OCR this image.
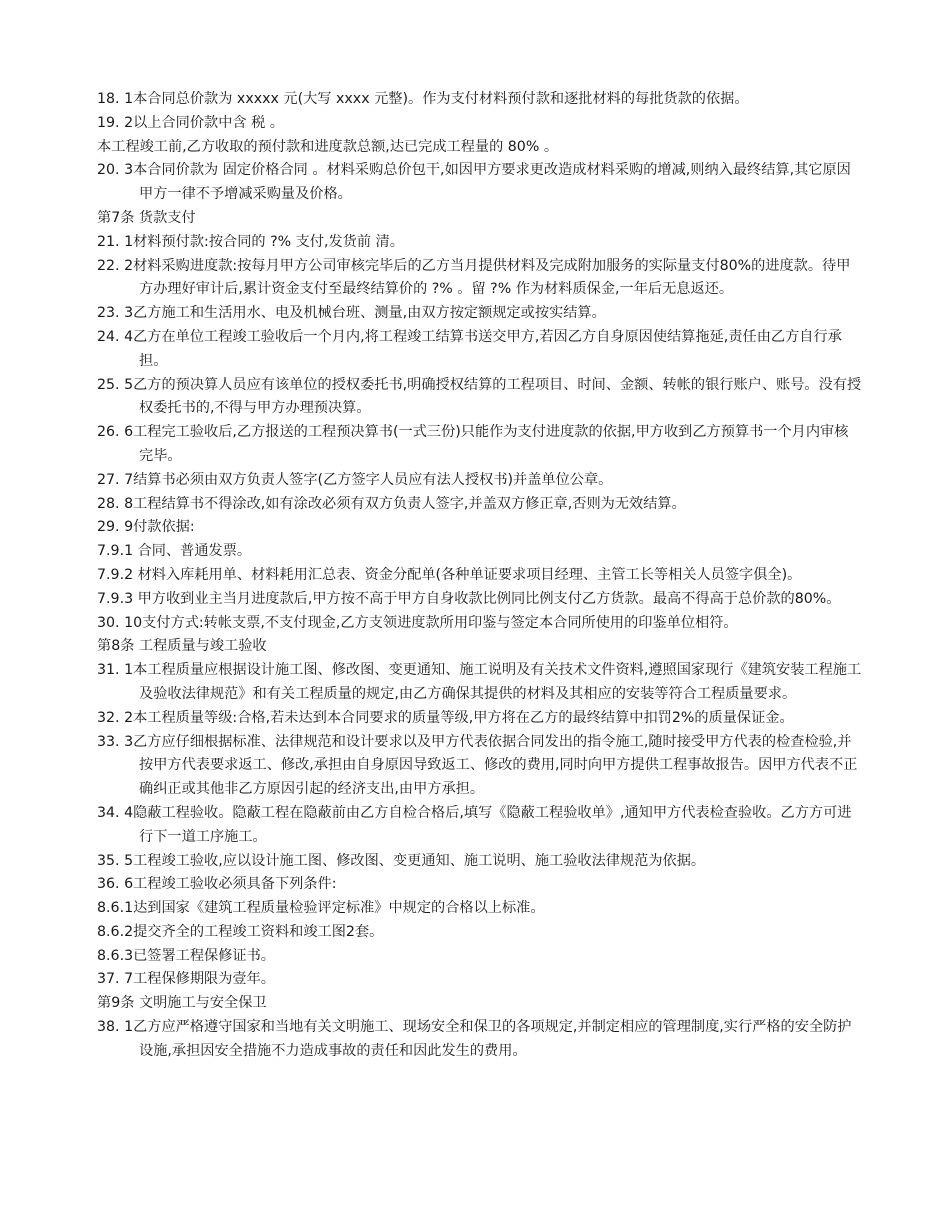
18. 1本合同总价款为 xxxxx 元(大写 xxxx 元整)。作为支付材料预付款和逐批材料的每批货款的依据。

19. 2以上合同价款中含 税 。

本工程竣工前,乙方收取的预付款和进度款总额,达已完成工程量的 80% 。

20. 3本合同价款为 固定价格合同 。材料采购总价包干,如因甲方要求更改造成材料采购的增减,则纳入最终结算,其它原因甲方一律不予增减采购量及价格。

第7条 货款支付

21. 1材料预付款:按合同的 ?% 支付,发货前 清。

22. 2材料采购进度款:按每月甲方公司审核完毕后的乙方当月提供材料及完成附加服务的实际量支付80%的进度款。待甲方办理好审计后,累计资金支付至最终结算价的 ?% 。留 ?% 作为材料质保金,一年后无息返还。

23. 3乙方施工和生活用水、电及机械台班、测量,由双方按定额规定或按实结算。

24. 4乙方在单位工程竣工验收后一个月内,将工程竣工结算书送交甲方,若因乙方自身原因使结算拖延,责任由乙方自行承担。

25. 5乙方的预决算人员应有该单位的授权委托书,明确授权结算的工程项目、时间、金额、转帐的银行账户、账号。没有授权委托书的,不得与甲方办理预决算。

26. 6工程完工验收后,乙方报送的工程预决算书(一式三份)只能作为支付进度款的依据,甲方收到乙方预算书一个月内审核完毕。

27. 7结算书必须由双方负责人签字(乙方签字人员应有法人授权书)并盖单位公章。

28. 8工程结算书不得涂改,如有涂改必须有双方负责人签字,并盖双方修正章,否则为无效结算。

29. 9付款依据:

7.9.1 合同、普通发票。

7.9.2 材料入库耗用单、材料耗用汇总表、资金分配单(各种单证要求项目经理、主管工长等相关人员签字俱全)。

7.9.3 甲方收到业主当月进度款后,甲方按不高于甲方自身收款比例同比例支付乙方货款。最高不得高于总价款的80%。

30. 10支付方式:转帐支票,不支付现金,乙方支领进度款所用印鉴与签定本合同所使用的印鉴单位相符。

第8条 工程质量与竣工验收

31. 1本工程质量应根据设计施工图、修改图、变更通知、施工说明及有关技术文件资料,遵照国家现行《建筑安装工程施工及验收法律规范》和有关工程质量的规定,由乙方确保其提供的材料及其相应的安装等符合工程质量要求。

32. 2本工程质量等级:合格,若未达到本合同要求的质量等级,甲方将在乙方的最终结算中扣罚2%的质量保证金。

33. 3乙方应仔细根据标准、法律规范和设计要求以及甲方代表依据合同发出的指令施工,随时接受甲方代表的检查检验,并按甲方代表要求返工、修改,承担由自身原因导致返工、修改的费用,同时向甲方提供工程事故报告。因甲方代表不正确纠正或其他非乙方原因引起的经济支出,由甲方承担。

34. 4隐蔽工程验收。隐蔽工程在隐蔽前由乙方自检合格后,填写《隐蔽工程验收单》,通知甲方代表检查验收。乙方方可进行下一道工序施工。

35. 5工程竣工验收,应以设计施工图、修改图、变更通知、施工说明、施工验收法律规范为依据。

36. 6工程竣工验收必须具备下列条件:

8.6.1达到国家《建筑工程质量检验评定标准》中规定的合格以上标准。

8.6.2提交齐全的工程竣工资料和竣工图2套。

8.6.3已签署工程保修证书。

37. 7工程保修期限为壹年。

第9条 文明施工与安全保卫

38. 1乙方应严格遵守国家和当地有关文明施工、现场安全和保卫的各项规定,并制定相应的管理制度,实行严格的安全防护设施,承担因安全措施不力造成事故的责任和因此发生的费用。
